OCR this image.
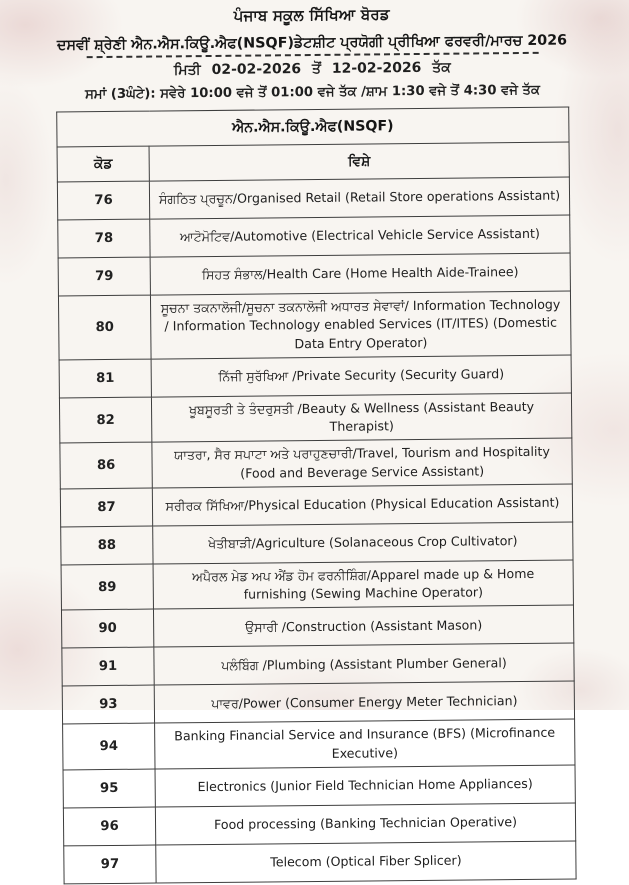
ਪੰਜਾਬ ਸਕੂਲ ਸਿੱਖਿਆ ਬੋਰਡ
ਦਸਵੀਂ ਸ਼੍ਰੇਣੀ ਐਨ.ਐਸ.ਕਿਊ.ਐਫ(NSQF)ਡੇਟਸ਼ੀਟ ਪ੍ਰਯੋਗੀ ਪ੍ਰੀਖਿਆ ਫਰਵਰੀ/ਮਾਰਚ 2026
ਮਿਤੀ 02-02-2026 ਤੋਂ 12-02-2026 ਤੱਕ
ਸਮਾਂ (3ਘੰਟੇ): ਸਵੇਰੇ 10:00 ਵਜੇ ਤੋਂ 01:00 ਵਜੇ ਤੱਕ /ਸ਼ਾਮ 1:30 ਵਜੇ ਤੋਂ 4:30 ਵਜੇ ਤੱਕ
ਐਨ.ਐਸ.ਕਿਊ.ਐਫ(NSQF)	
ਕੋਡ	ਵਿਸ਼ੇ
76	ਸੰਗਠਿਤ ਪ੍ਰਚੂਨ/Organised Retail (Retail Store operations Assistant)
78	ਆਟੋਮੋਟਿਵ/Automotive (Electrical Vehicle Service Assistant)
79	ਸਿਹਤ ਸੰਭਾਲ/Health Care (Home Health Aide-Trainee)
80	ਸੂਚਨਾ ਤਕਨਾਲੋਜੀ/ਸੂਚਨਾ ਤਕਨਾਲੋਜੀ ਅਧਾਰਤ ਸੇਵਾਵਾਂ/ Information Technology / Information Technology enabled Services (IT/ITES) (Domestic Data Entry Operator)
81	ਨਿੱਜੀ ਸੁਰੱਖਿਆ /Private Security (Security Guard)
82	ਖੂਬਸੂਰਤੀ ਤੇ ਤੰਦਰੁਸਤੀ /Beauty & Wellness (Assistant Beauty Therapist)
86	ਯਾਤਰਾ, ਸੈਰ ਸਪਾਟਾ ਅਤੇ ਪਰਾਹੁਣਚਾਰੀ/Travel, Tourism and Hospitality (Food and Beverage Service Assistant)
87	ਸਰੀਰਕ ਸਿੱਖਿਆ/Physical Education (Physical Education Assistant)
88	ਖੇਤੀਬਾੜੀ/Agriculture (Solanaceous Crop Cultivator)
89	ਅਪੈਰਲ ਮੇਡ ਅਪ ਐਂਡ ਹੋਮ ਫਰਨੀਸ਼ਿੰਗ/Apparel made up & Home furnishing (Sewing Machine Operator)
90	ਉਸਾਰੀ /Construction (Assistant Mason)
91	ਪਲੰਬਿੰਗ /Plumbing (Assistant Plumber General)
93	ਪਾਵਰ/Power (Consumer Energy Meter Technician)
94	Banking Financial Service and Insurance (BFS) (Microfinance Executive)
95	Electronics (Junior Field Technician Home Appliances)
96	Food processing (Banking Technician Operative)
97	Telecom (Optical Fiber Splicer)
